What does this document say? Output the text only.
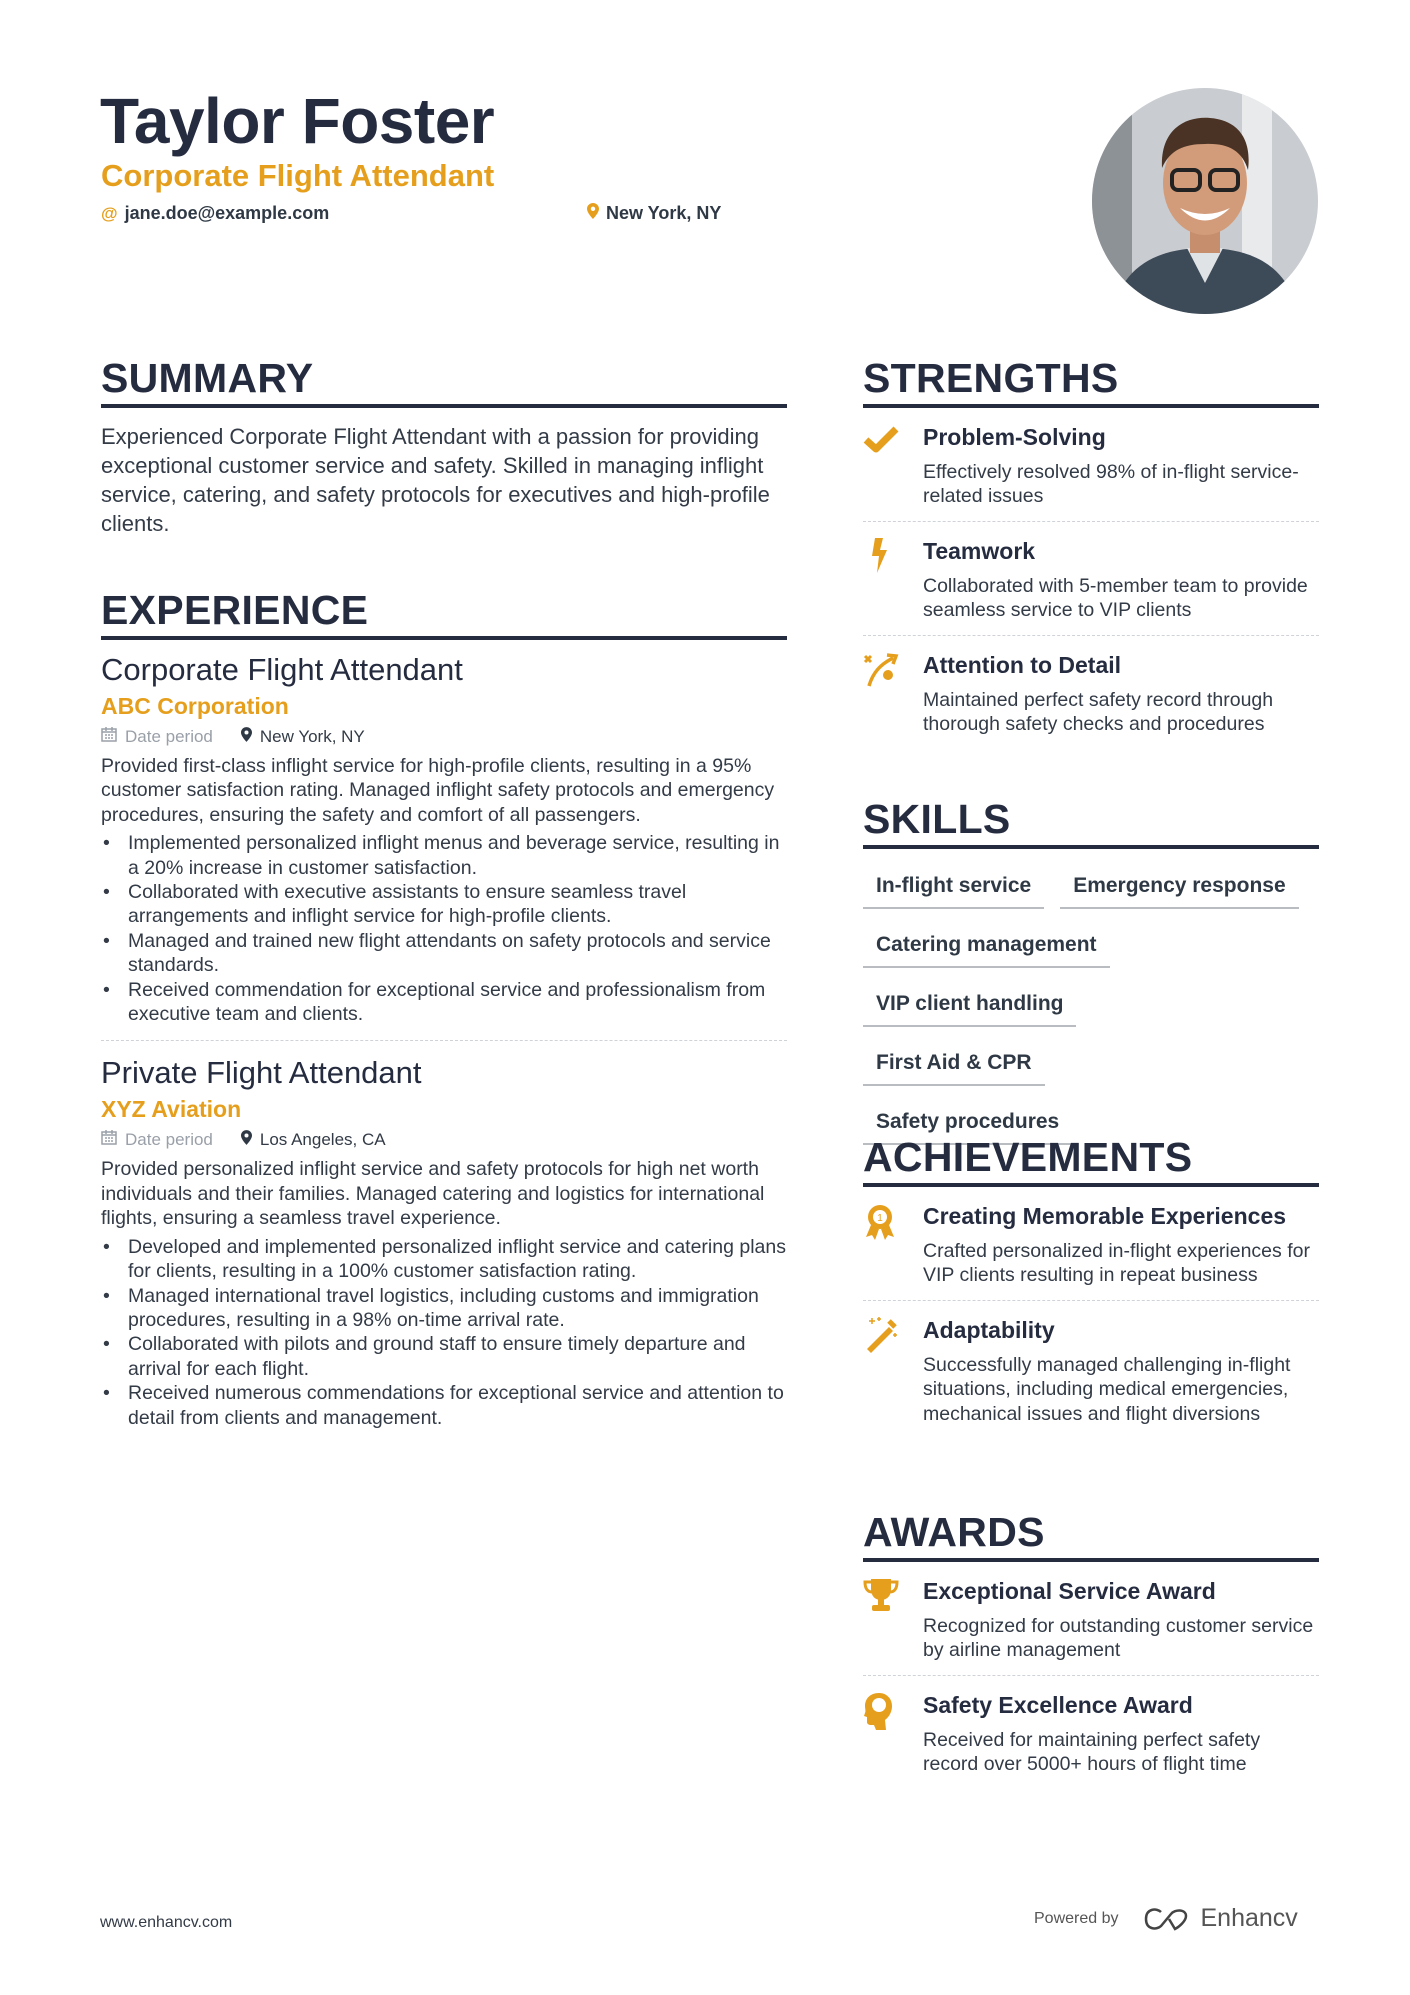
Taylor Foster
Corporate Flight Attendant
@ jane.doe@example.com	New York, NY
SUMMARY

Experienced Corporate Flight Attendant with a passion for providing exceptional customer service and safety. Skilled in managing inflight service, catering, and safety protocols for executives and high-profile clients.

EXPERIENCE
Corporate Flight Attendant
ABC Corporation
Date period	New York, NY

Provided first-class inflight service for high-profile clients, resulting in a 95% customer satisfaction rating. Managed inflight safety protocols and emergency procedures, ensuring the safety and comfort of all passengers.

• Implemented personalized inflight menus and beverage service, resulting in a 20% increase in customer satisfaction.
• Collaborated with executive assistants to ensure seamless travel arrangements and inflight service for high-profile clients.
• Managed and trained new flight attendants on safety protocols and service standards.
• Received commendation for exceptional service and professionalism from executive team and clients.
Private Flight Attendant
XYZ Aviation
Date period	Los Angeles, CA

Provided personalized inflight service and safety protocols for high net worth individuals and their families. Managed catering and logistics for international flights, ensuring a seamless travel experience.

• Developed and implemented personalized inflight service and catering plans for clients, resulting in a 100% customer satisfaction rating.
• Managed international travel logistics, including customs and immigration procedures, resulting in a 98% on-time arrival rate.
• Collaborated with pilots and ground staff to ensure timely departure and arrival for each flight.
• Received numerous commendations for exceptional service and attention to detail from clients and management.
STRENGTHS
Problem-Solving
Effectively resolved 98% of in-flight service-related issues
Teamwork
Collaborated with 5-member team to provide seamless service to VIP clients
Attention to Detail
Maintained perfect safety record through thorough safety checks and procedures
SKILLS
In-flight service	Emergency response
Catering management
VIP client handling
First Aid & CPR
Safety procedures
ACHIEVEMENTS
1 Creating Memorable Experiences
Crafted personalized in-flight experiences for VIP clients resulting in repeat business
Adaptability
Successfully managed challenging in-flight situations, including medical emergencies, mechanical issues and flight diversions
AWARDS
Exceptional Service Award
Recognized for outstanding customer service by airline management
Safety Excellence Award
Received for maintaining perfect safety record over 5000+ hours of flight time
www.enhancv.com	Powered by	Enhancv
